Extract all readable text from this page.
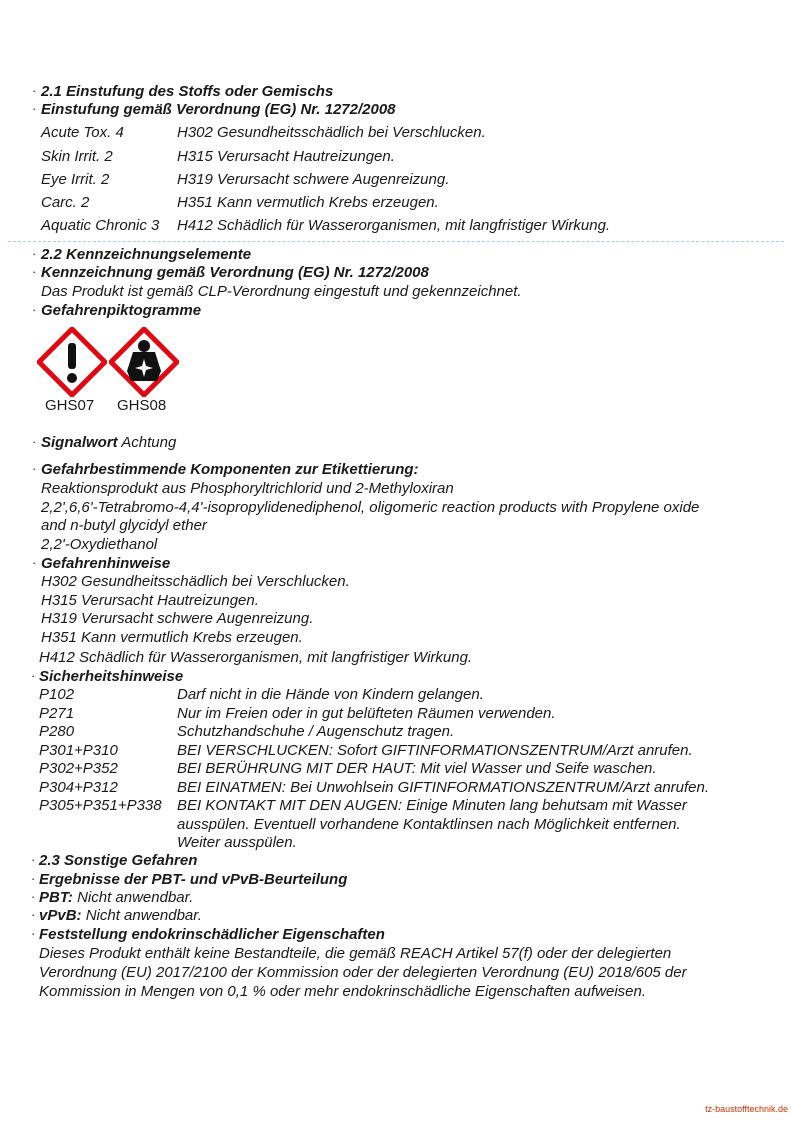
· 2.1 Einstufung des Stoffs oder Gemischs
· Einstufung gemäß Verordnung (EG) Nr. 1272/2008
Acute Tox. 4	H302 Gesundheitsschädlich bei Verschlucken.
Skin Irrit. 2	H315 Verursacht Hautreizungen.
Eye Irrit. 2	H319 Verursacht schwere Augenreizung.
Carc. 2	H351 Kann vermutlich Krebs erzeugen.
Aquatic Chronic 3 H412 Schädlich für Wasserorganismen, mit langfristiger Wirkung.
· 2.2 Kennzeichnungselemente
· Kennzeichnung gemäß Verordnung (EG) Nr. 1272/2008
Das Produkt ist gemäß CLP-Verordnung eingestuft und gekennzeichnet.
· Gefahrenpiktogramme
GHS07 GHS08
· Signalwort Achtung
· Gefahrbestimmende Komponenten zur Etikettierung:
Reaktionsprodukt aus Phosphoryltrichlorid und 2-Methyloxiran
2,2',6,6'-Tetrabromo-4,4'-isopropylidenediphenol, oligomeric reaction products with Propylene oxide
and n-butyl glycidyl ether
2,2'-Oxydiethanol
· Gefahrenhinweise
H302 Gesundheitsschädlich bei Verschlucken.
H315 Verursacht Hautreizungen.
H319 Verursacht schwere Augenreizung.
H351 Kann vermutlich Krebs erzeugen.
H412 Schädlich für Wasserorganismen, mit langfristiger Wirkung.
· Sicherheitshinweise
P102	Darf nicht in die Hände von Kindern gelangen.
P271	Nur im Freien oder in gut belüfteten Räumen verwenden.
P280	Schutzhandschuhe / Augenschutz tragen.
P301+P310	BEI VERSCHLUCKEN: Sofort GIFTINFORMATIONSZENTRUM/Arzt anrufen.
P302+P352	BEI BERÜHRUNG MIT DER HAUT: Mit viel Wasser und Seife waschen.
P304+P312	BEI EINATMEN: Bei Unwohlsein GIFTINFORMATIONSZENTRUM/Arzt anrufen.
P305+P351+P338 BEI KONTAKT MIT DEN AUGEN: Einige Minuten lang behutsam mit Wasser
ausspülen. Eventuell vorhandene Kontaktlinsen nach Möglichkeit entfernen.
Weiter ausspülen.
· 2.3 Sonstige Gefahren
· Ergebnisse der PBT- und vPvB-Beurteilung
· PBT: Nicht anwendbar.
· vPvB: Nicht anwendbar.
· Feststellung endokrinschädlicher Eigenschaften
Dieses Produkt enthält keine Bestandteile, die gemäß REACH Artikel 57(f) oder der delegierten
Verordnung (EU) 2017/2100 der Kommission oder der delegierten Verordnung (EU) 2018/605 der
Kommission in Mengen von 0,1 % oder mehr endokrinschädliche Eigenschaften aufweisen.
tz-baustofftechnik.de
